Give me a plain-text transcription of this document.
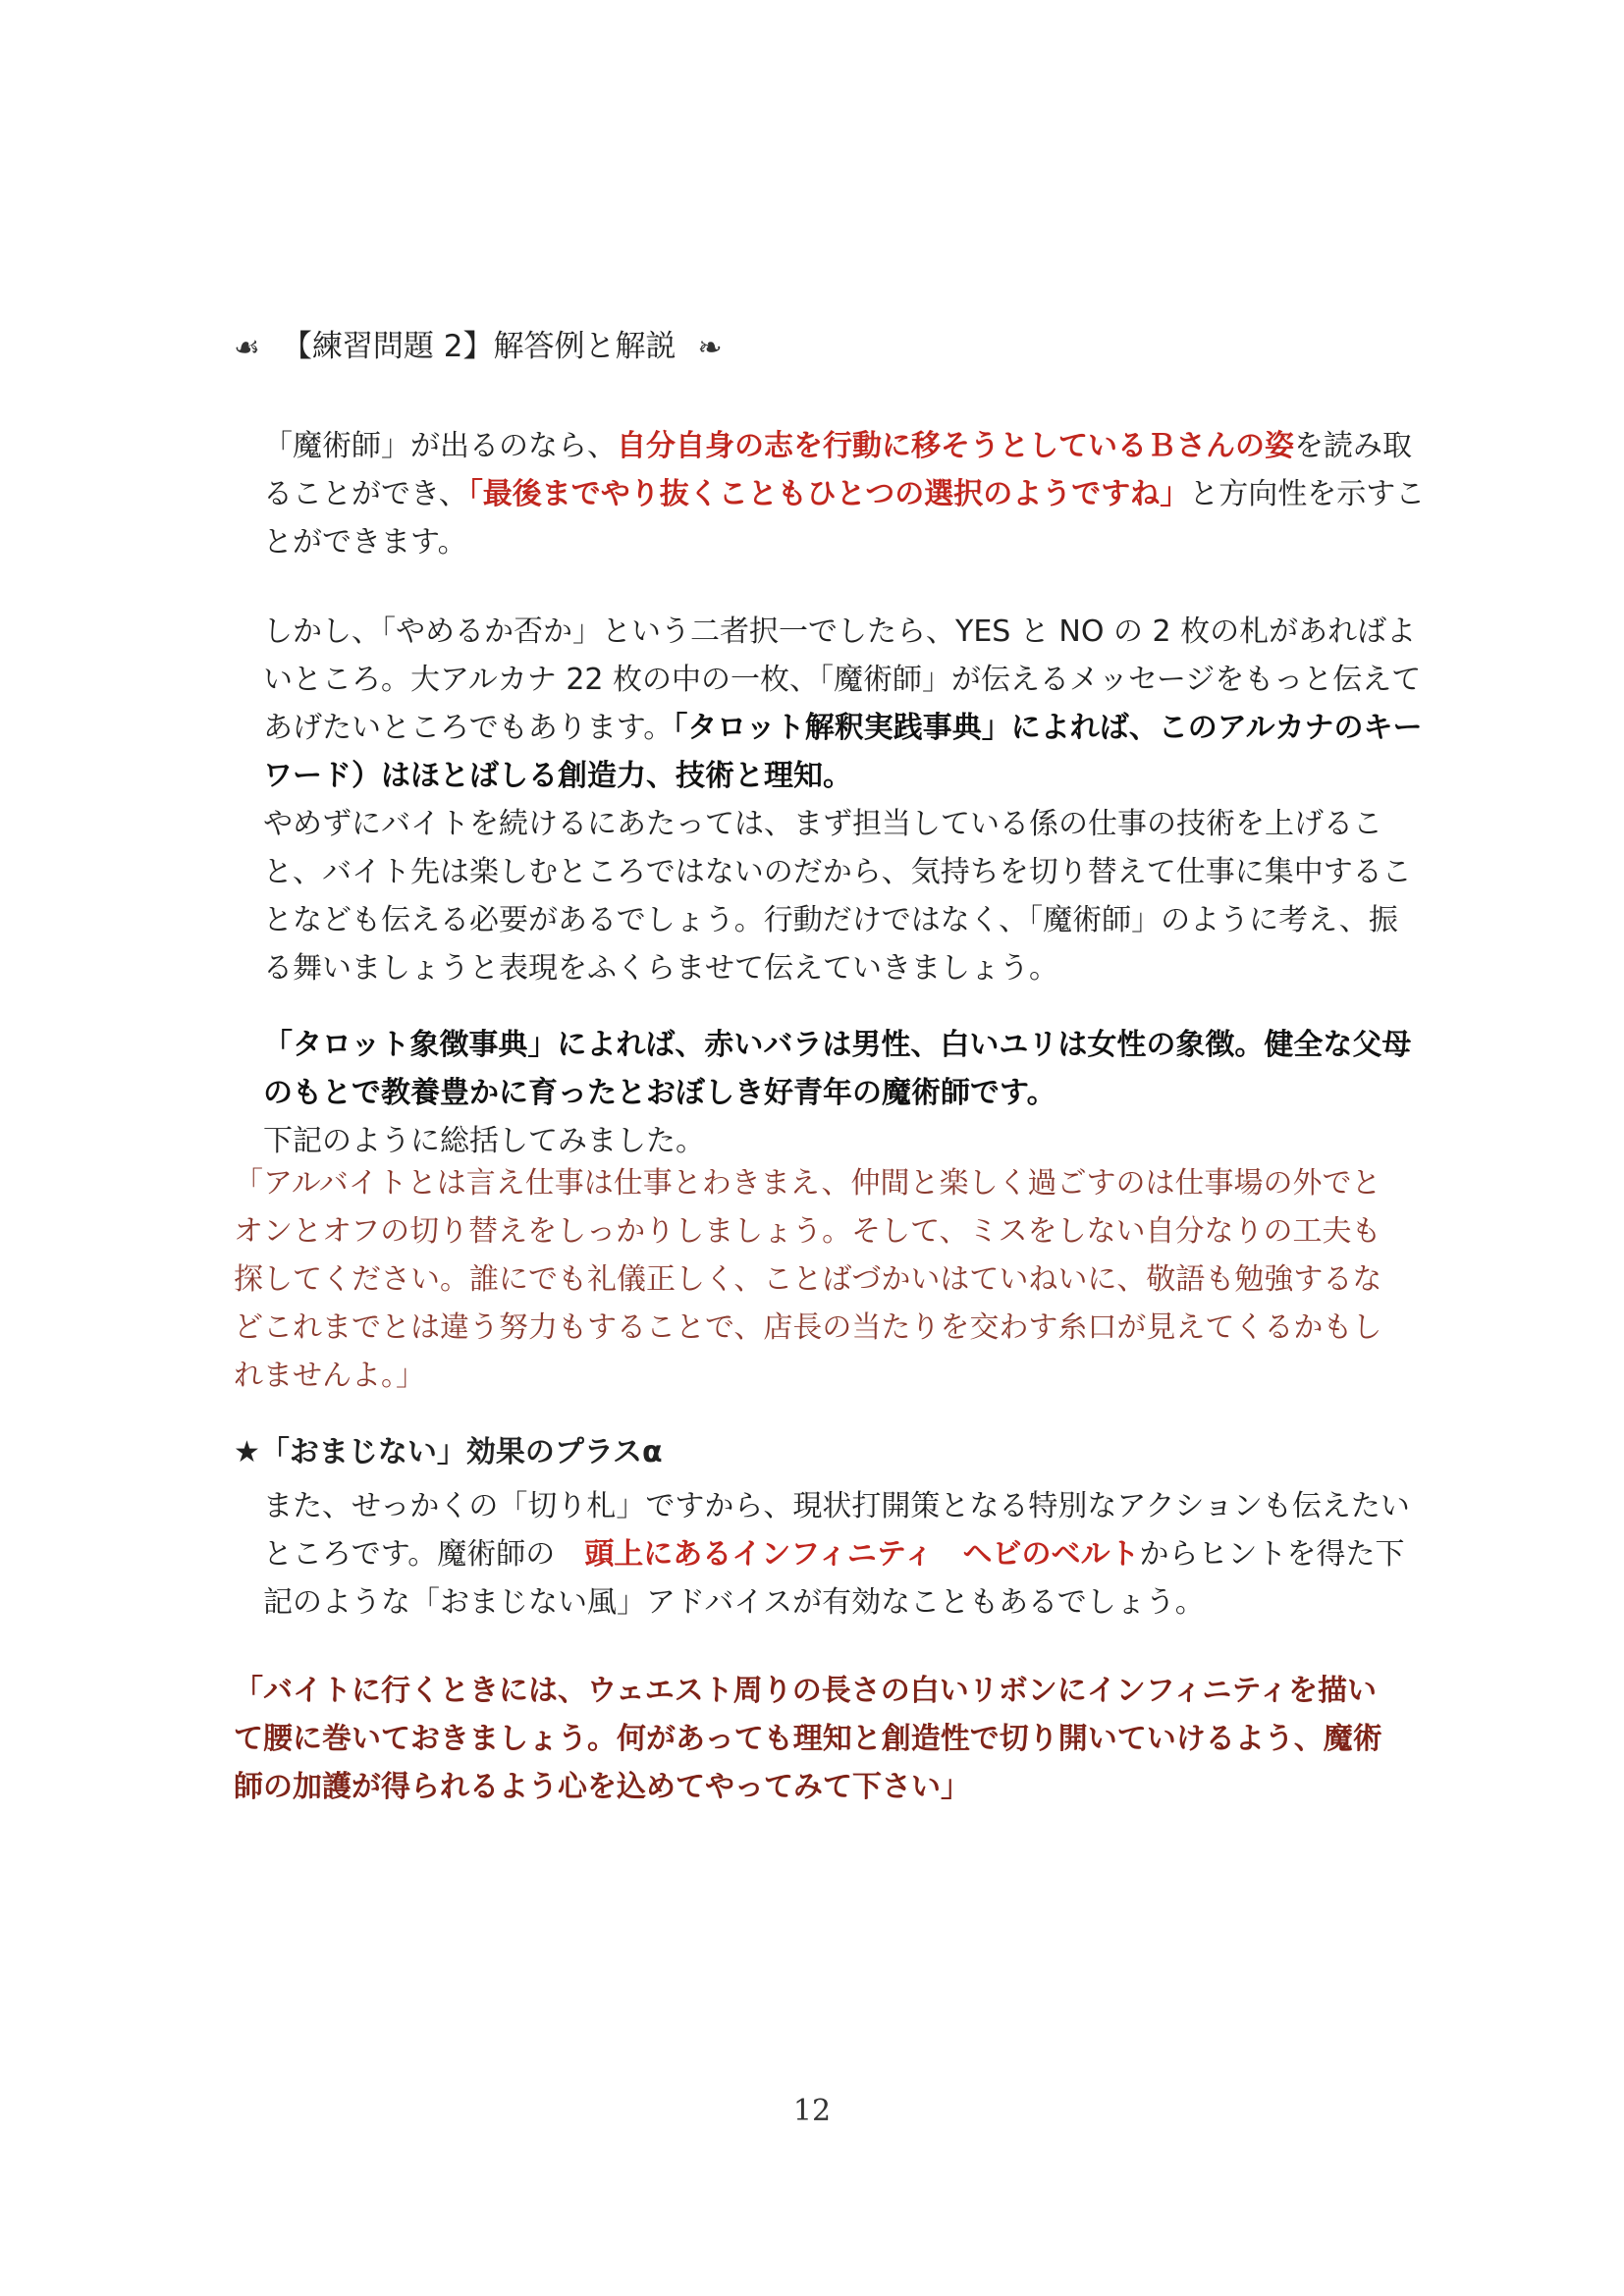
☙ 【練習問題 2】解答例と解説 ❧

「魔術師」が出るのなら、自分自身の志を行動に移そうとしているＢさんの姿を読み取ることができ、「最後までやり抜くこともひとつの選択のようですね」と方向性を示すことができます。

しかし、「やめるか否か」という二者択一でしたら、YES と NO の 2 枚の札があればよいところ。大アルカナ 22 枚の中の一枚、「魔術師」が伝えるメッセージをもっと伝えてあげたいところでもあります。「タロット解釈実践事典」によれば、このアルカナのキーワード）はほとばしる創造力、技術と理知。
やめずにバイトを続けるにあたっては、まず担当している係の仕事の技術を上げること、バイト先は楽しむところではないのだから、気持ちを切り替えて仕事に集中することなども伝える必要があるでしょう。行動だけではなく、「魔術師」のように考え、振る舞いましょうと表現をふくらませて伝えていきましょう。

「タロット象徴事典」によれば、赤いバラは男性、白いユリは女性の象徴。健全な父母のもとで教養豊かに育ったとおぼしき好青年の魔術師です。
下記のように総括してみました。

「アルバイトとは言え仕事は仕事とわきまえ、仲間と楽しく過ごすのは仕事場の外でとオンとオフの切り替えをしっかりしましょう。そして、ミスをしない自分なりの工夫も探してください。誰にでも礼儀正しく、ことばづかいはていねいに、敬語も勉強するなどこれまでとは違う努力もすることで、店長の当たりを交わす糸口が見えてくるかもしれませんよ。」

★「おまじない」効果のプラスα

また、せっかくの「切り札」ですから、現状打開策となる特別なアクションも伝えたいところです。魔術師の　頭上にあるインフィニティ　ヘビのベルトからヒントを得た下記のような「おまじない風」アドバイスが有効なこともあるでしょう。

「バイトに行くときには、ウェエスト周りの長さの白いリボンにインフィニティを描いて腰に巻いておきましょう。何があっても理知と創造性で切り開いていけるよう、魔術師の加護が得られるよう心を込めてやってみて下さい」

12
